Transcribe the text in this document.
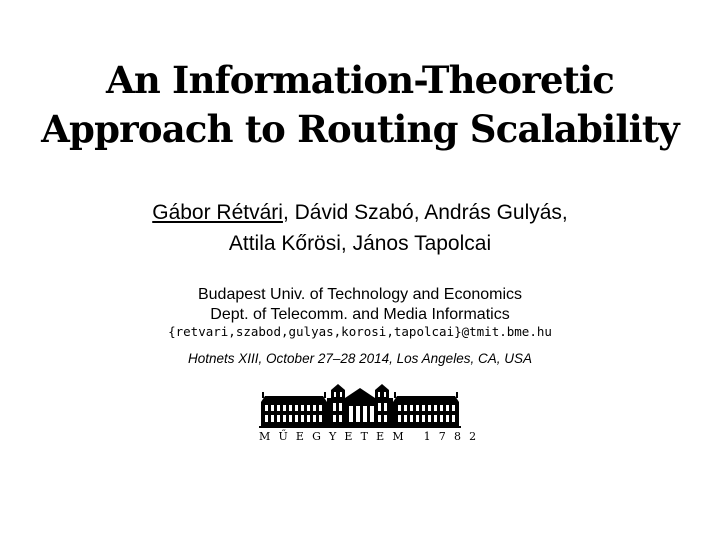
An Information-Theoretic
Approach to Routing Scalability
Gábor Rétvári, Dávid Szabó, András Gulyás,
Attila Kőrösi, János Tapolcai
Budapest Univ. of Technology and Economics
Dept. of Telecomm. and Media Informatics
{retvari,szabod,gulyas,korosi,tapolcai}@tmit.bme.hu
Hotnets XIII, October 27–28 2014, Los Angeles, CA, USA
MŰEGYETEM 1782
